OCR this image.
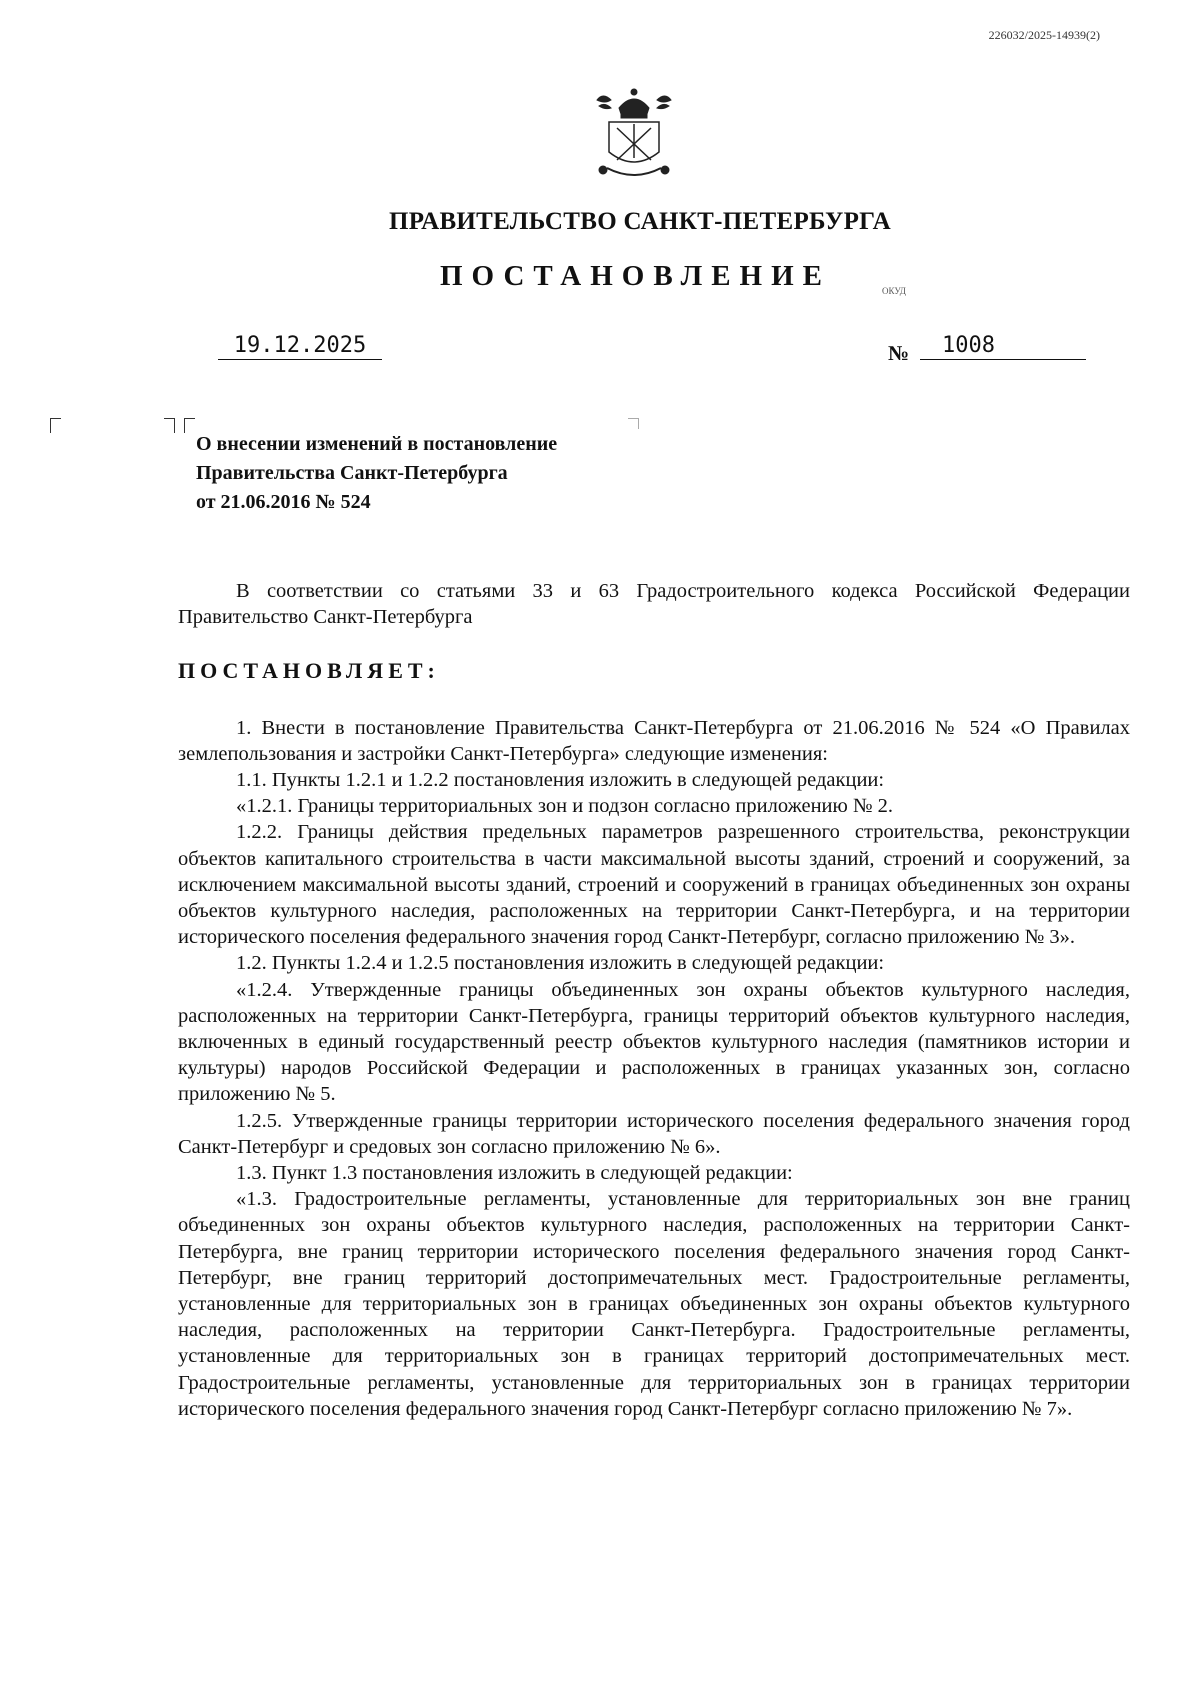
226032/2025-14939(2)
ПРАВИТЕЛЬСТВО САНКТ-ПЕТЕРБУРГА
ПОСТАНОВЛЕНИЕ	ОКУД
19.12.2025	№	1008
О внесении изменений в постановление
Правительства Санкт-Петербурга
от 21.06.2016 № 524

В соответствии со статьями 33 и 63 Градостроительного кодекса Российской Федерации Правительство Санкт-Петербурга

ПОСТАНОВЛЯЕТ:

1. Внести в постановление Правительства Санкт-Петербурга от 21.06.2016 № 524 «О Правилах землепользования и застройки Санкт-Петербурга» следующие изменения:

1.1. Пункты 1.2.1 и 1.2.2 постановления изложить в следующей редакции:

«1.2.1. Границы территориальных зон и подзон согласно приложению № 2.

1.2.2. Границы действия предельных параметров разрешенного строительства, реконструкции объектов капитального строительства в части максимальной высоты зданий, строений и сооружений, за исключением максимальной высоты зданий, строений и сооружений в границах объединенных зон охраны объектов культурного наследия, расположенных на территории Санкт-Петербурга, и на территории исторического поселения федерального значения город Санкт-Петербург, согласно приложению № 3».

1.2. Пункты 1.2.4 и 1.2.5 постановления изложить в следующей редакции:

«1.2.4. Утвержденные границы объединенных зон охраны объектов культурного наследия, расположенных на территории Санкт-Петербурга, границы территорий объектов культурного наследия, включенных в единый государственный реестр объектов культурного наследия (памятников истории и культуры) народов Российской Федерации и расположенных в границах указанных зон, согласно приложению № 5.

1.2.5. Утвержденные границы территории исторического поселения федерального значения город Санкт-Петербург и средовых зон согласно приложению № 6».

1.3. Пункт 1.3 постановления изложить в следующей редакции:

«1.3. Градостроительные регламенты, установленные для территориальных зон вне границ объединенных зон охраны объектов культурного наследия, расположенных на территории Санкт-Петербурга, вне границ территории исторического поселения федерального значения город Санкт-Петербург, вне границ территорий достопримечательных мест. Градостроительные регламенты, установленные для территориальных зон в границах объединенных зон охраны объектов культурного наследия, расположенных на территории Санкт-Петербурга. Градостроительные регламенты, установленные для территориальных зон в границах территорий достопримечательных мест. Градостроительные регламенты, установленные для территориальных зон в границах территории исторического поселения федерального значения город Санкт-Петербург согласно приложению № 7».
